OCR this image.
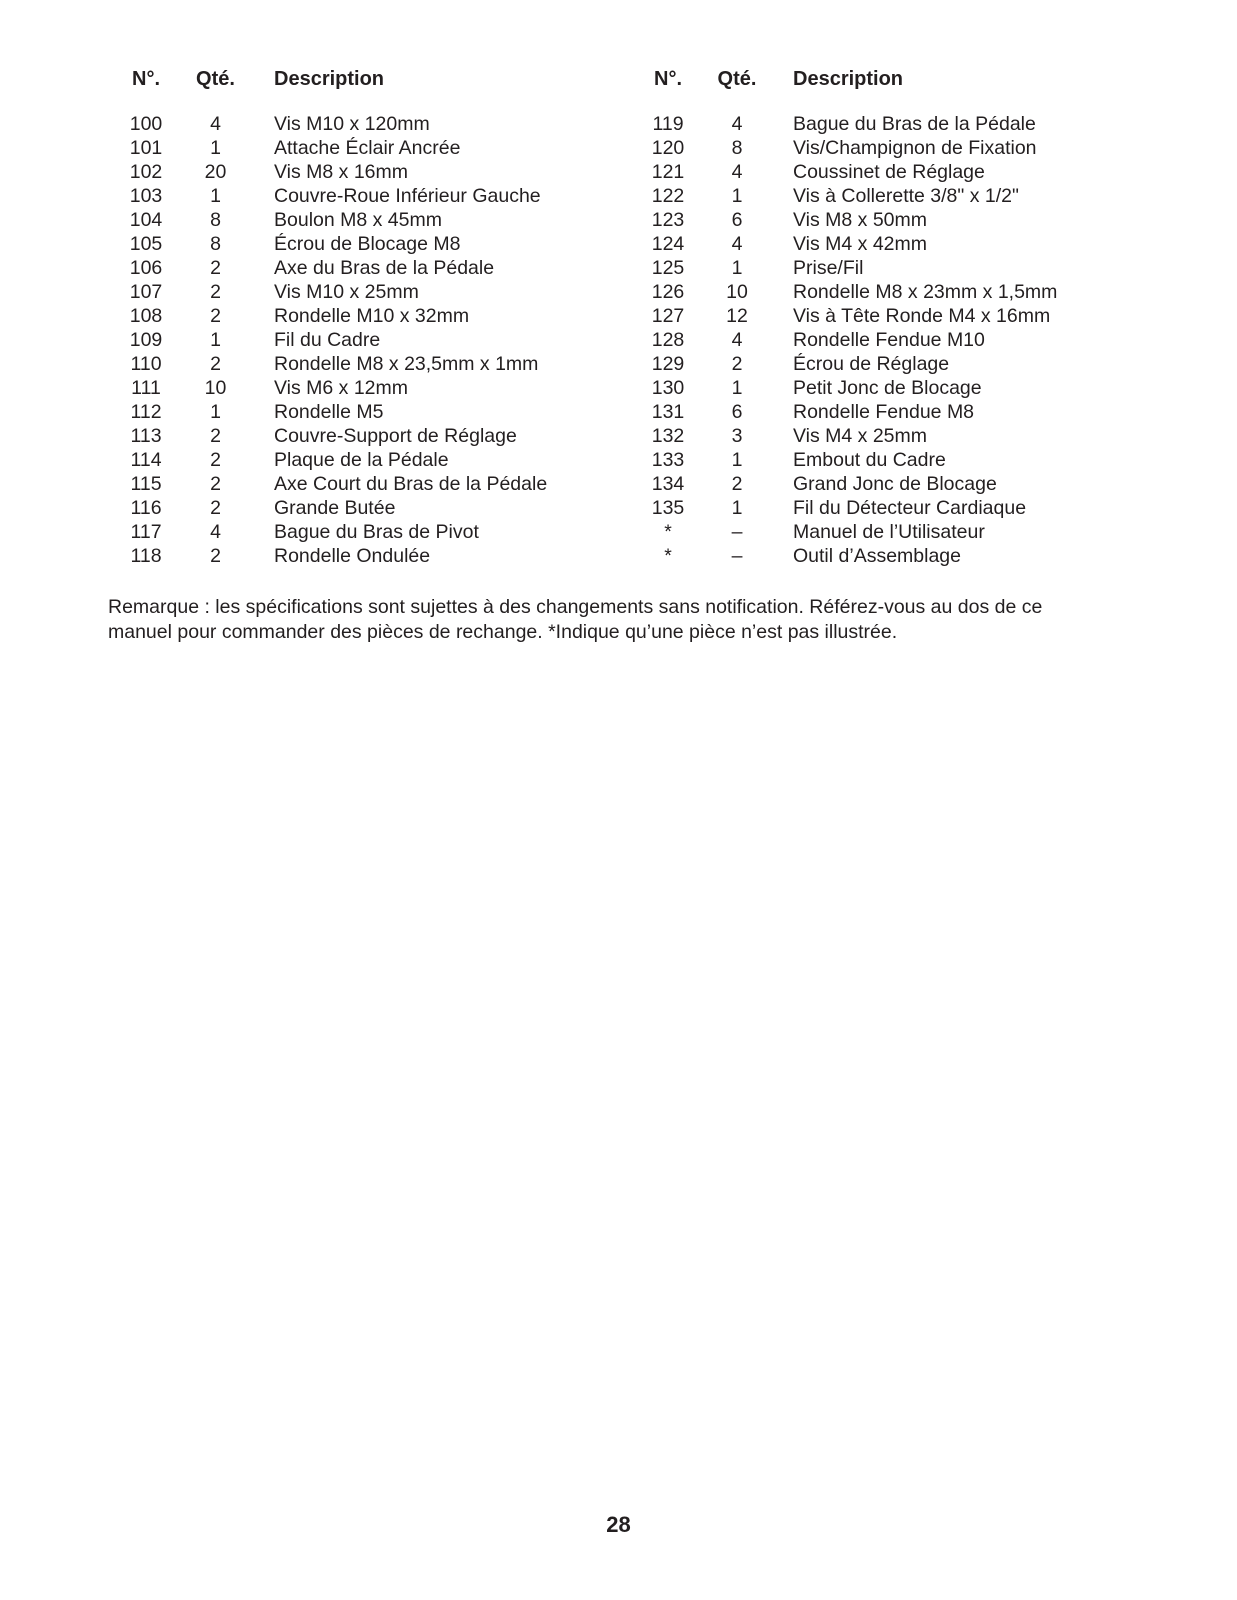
N°.	Qté.	Description
100	4	Vis M10 x 120mm
101	1	Attache Éclair Ancrée
102	20	Vis M8 x 16mm
103	1	Couvre-Roue Inférieur Gauche
104	8	Boulon M8 x 45mm
105	8	Écrou de Blocage M8
106	2	Axe du Bras de la Pédale
107	2	Vis M10 x 25mm
108	2	Rondelle M10 x 32mm
109	1	Fil du Cadre
110	2	Rondelle M8 x 23,5mm x 1mm
111	10	Vis M6 x 12mm
112	1	Rondelle M5
113	2	Couvre-Support de Réglage
114	2	Plaque de la Pédale
115	2	Axe Court du Bras de la Pédale
116	2	Grande Butée
117	4	Bague du Bras de Pivot
118	2	Rondelle Ondulée
N°.	Qté.	Description
119	4	Bague du Bras de la Pédale
120	8	Vis/Champignon de Fixation
121	4	Coussinet de Réglage
122	1	Vis à Collerette 3/8" x 1/2"
123	6	Vis M8 x 50mm
124	4	Vis M4 x 42mm
125	1	Prise/Fil
126	10	Rondelle M8 x 23mm x 1,5mm
127	12	Vis à Tête Ronde M4 x 16mm
128	4	Rondelle Fendue M10
129	2	Écrou de Réglage
130	1	Petit Jonc de Blocage
131	6	Rondelle Fendue M8
132	3	Vis M4 x 25mm
133	1	Embout du Cadre
134	2	Grand Jonc de Blocage
135	1	Fil du Détecteur Cardiaque
*	–	Manuel de l’Utilisateur
*	–	Outil d’Assemblage
Remarque : les spécifications sont sujettes à des changements sans notification. Référez-vous au dos de ce manuel pour commander des pièces de rechange. *Indique qu’une pièce n’est pas illustrée.
28
